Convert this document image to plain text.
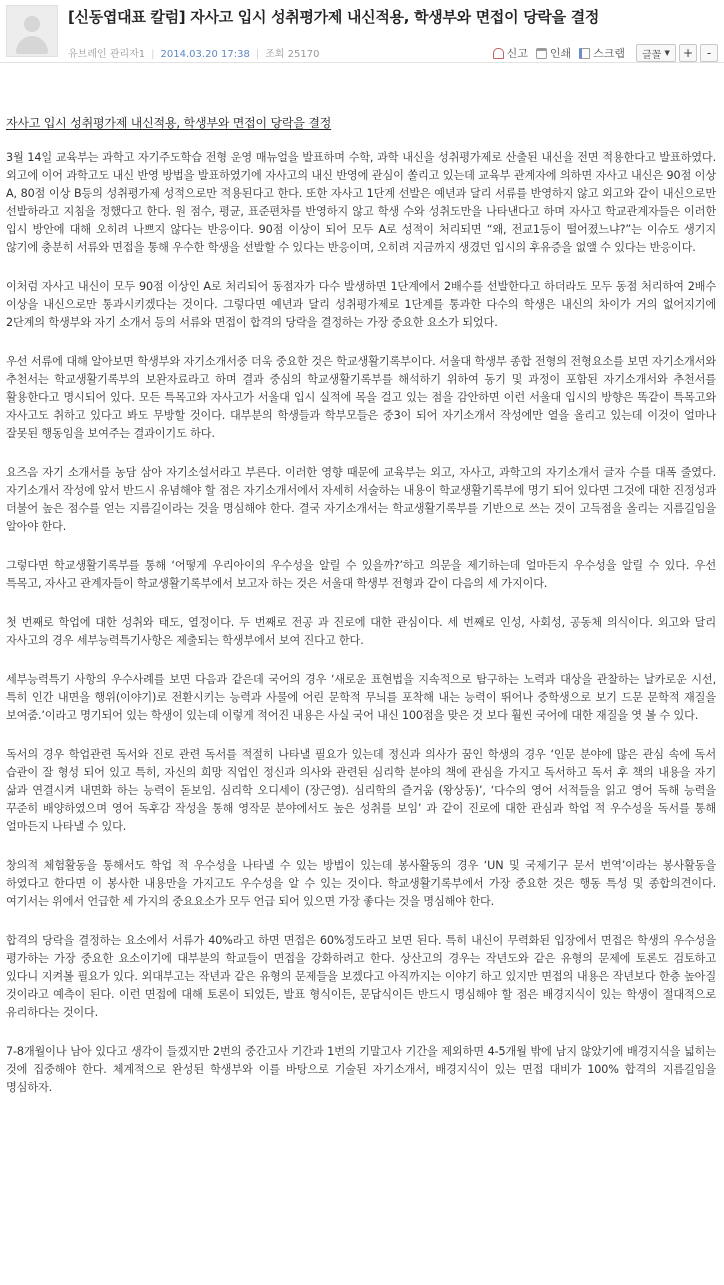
[신동엽대표 칼럼] 자사고 입시 성취평가제 내신적용, 학생부와 면접이 당락을 결정
유브레인 관리자1 | 2014.03.20 17:38 | 조회 25170	신고 인쇄 스크랩 글꼴 ▼	+	-
자사고 입시 성취평가제 내신적용, 학생부와 면접이 당락을 결정

3월 14일 교육부는 과학고 자기주도학습 전형 운영 매뉴얼을 발표하며 수학, 과학 내신을 성취평가제로 산출된 내신을 전면 적용한다고 발표하였다. 외고에 이어 과학고도 내신 반영 방법을 발표하였기에 자사고의 내신 반영에 관심이 쏠리고 있는데 교육부 관계자에 의하면 자사고 내신은 90점 이상 A, 80점 이상 B등의 성취평가제 성적으로만 적용된다고 한다. 또한 자사고 1단계 선발은 예년과 달리 서류를 반영하지 않고 외고와 같이 내신으로만 선발하라고 지침을 정했다고 한다. 원 점수, 평균, 표준편차를 반영하지 않고 학생 수와 성취도만을 나타낸다고 하며 자사고 학교관계자들은 이러한 입시 방안에 대해 오히려 나쁘지 않다는 반응이다. 90점 이상이 되어 모두 A로 성적이 처리되면 “왜, 전교1등이 떨어졌느냐?”는 이슈도 생기지 않기에 충분히 서류와 면접을 통해 우수한 학생을 선발할 수 있다는 반응이며, 오히려 지금까지 생겼던 입시의 후유증을 없앨 수 있다는 반응이다.

이처럼 자사고 내신이 모두 90점 이상인 A로 처리되어 동점자가 다수 발생하면 1단계에서 2배수를 선발한다고 하더라도 모두 동점 처리하여 2배수 이상을 내신으로만 통과시키겠다는 것이다. 그렇다면 예년과 달리 성취평가제로 1단계를 통과한 다수의 학생은 내신의 차이가 거의 없어지기에 2단계의 학생부와 자기 소개서 등의 서류와 면접이 합격의 당락을 결정하는 가장 중요한 요소가 되었다.

우선 서류에 대해 알아보면 학생부와 자기소개서중 더욱 중요한 것은 학교생활기록부이다. 서울대 학생부 종합 전형의 전형요소를 보면 자기소개서와 추천서는 학교생활기록부의 보완자료라고 하며 결과 중심의 학교생활기록부를 해석하기 위하여 동기 및 과정이 포함된 자기소개서와 추천서를 활용한다고 명시되어 있다. 모든 특목고와 자사고가 서울대 입시 실적에 목을 걸고 있는 점을 감안하면 이런 서울대 입시의 방향은 똑같이 특목고와 자사고도 취하고 있다고 봐도 무방할 것이다. 대부분의 학생들과 학부모들은 중3이 되어 자기소개서 작성에만 열을 올리고 있는데 이것이 얼마나 잘못된 행동임을 보여주는 결과이기도 하다.

요즈음 자기 소개서를 농담 삼아 자기소설서라고 부른다. 이러한 영향 때문에 교육부는 외고, 자사고, 과학고의 자기소개서 글자 수를 대폭 줄였다. 자기소개서 작성에 앞서 반드시 유념해야 할 점은 자기소개서에서 자세히 서술하는 내용이 학교생활기록부에 명기 되어 있다면 그것에 대한 진정성과 더불어 높은 점수를 얻는 지름길이라는 것을 명심해야 한다. 결국 자기소개서는 학교생활기록부를 기반으로 쓰는 것이 고득점을 올리는 지름길임을 알아야 한다.

그렇다면 학교생활기록부를 통해 ‘어떻게 우리아이의 우수성을 알릴 수 있을까?’하고 의문을 제기하는데 얼마든지 우수성을 알릴 수 있다. 우선 특목고, 자사고 관계자들이 학교생활기록부에서 보고자 하는 것은 서울대 학생부 전형과 같이 다음의 세 가지이다.

첫 번째로 학업에 대한 성취와 태도, 열정이다. 두 번째로 전공 과 진로에 대한 관심이다. 세 번째로 인성, 사회성, 공동체 의식이다. 외고와 달리 자사고의 경우 세부능력특기사항은 제출되는 학생부에서 보여 진다고 한다.

세부능력특기 사항의 우수사례를 보면 다음과 같은데 국어의 경우 ‘새로운 표현법을 지속적으로 탐구하는 노력과 대상을 관찰하는 날카로운 시선, 특히 인간 내면을 행위(이야기)로 전환시키는 능력과 사물에 어린 문학적 무늬를 포착해 내는 능력이 뛰어나 중학생으로 보기 드문 문학적 재질을 보여줌.’이라고 명기되어 있는 학생이 있는데 이렇게 적어진 내용은 사실 국어 내신 100점을 맞은 것 보다 훨씬 국어에 대한 재질을 엿 볼 수 있다.

독서의 경우 학업관련 독서와 진로 관련 독서를 적절히 나타낼 필요가 있는데 정신과 의사가 꿈인 학생의 경우 ‘인문 분야에 많은 관심 속에 독서 습관이 잘 형성 되어 있고 특히, 자신의 희망 직업인 정신과 의사와 관련된 심리학 분야의 책에 관심을 가지고 독서하고 독서 후 책의 내용을 자기 삶과 연결시켜 내면화 하는 능력이 돋보임. 심리학 오디세이 (장근영). 심리학의 즐거움 (왕상동)’, ‘다수의 영어 서적들을 읽고 영어 독해 능력을 꾸준히 배양하였으며 영어 독후감 작성을 통해 영작문 분야에서도 높은 성취를 보임’ 과 같이 진로에 대한 관심과 학업 적 우수성을 독서를 통해 얼마든지 나타낼 수 있다.

창의적 체험활동을 통해서도 학업 적 우수성을 나타낼 수 있는 방법이 있는데 봉사활동의 경우 ‘UN 및 국제기구 문서 번역’이라는 봉사활동을 하였다고 한다면 이 봉사한 내용만을 가지고도 우수성을 알 수 있는 것이다. 학교생활기록부에서 가장 중요한 것은 행동 특성 및 종합의견이다. 여기서는 위에서 언급한 세 가지의 중요요소가 모두 언급 되어 있으면 가장 좋다는 것을 명심해야 한다.

합격의 당락을 결정하는 요소에서 서류가 40%라고 하면 면접은 60%정도라고 보면 된다. 특히 내신이 무력화된 입장에서 면접은 학생의 우수성을 평가하는 가장 중요한 요소이기에 대부분의 학교들이 면접을 강화하려고 한다. 상산고의 경우는 작년도와 같은 유형의 문제에 토론도 검토하고 있다니 지켜볼 필요가 있다. 외대부고는 작년과 같은 유형의 문제들을 보겠다고 아직까지는 이야기 하고 있지만 면접의 내용은 작년보다 한층 높아질 것이라고 예측이 된다. 이런 면접에 대해 토론이 되었든, 발표 형식이든, 문답식이든 반드시 명심해야 할 점은 배경지식이 있는 학생이 절대적으로 유리하다는 것이다.

7-8개월이나 남아 있다고 생각이 들겠지만 2번의 중간고사 기간과 1번의 기말고사 기간을 제외하면 4-5개월 밖에 남지 않았기에 배경지식을 넓히는 것에 집중해야 한다. 체계적으로 완성된 학생부와 이를 바탕으로 기술된 자기소개서, 배경지식이 있는 면접 대비가 100% 합격의 지름길임을 명심하자.
